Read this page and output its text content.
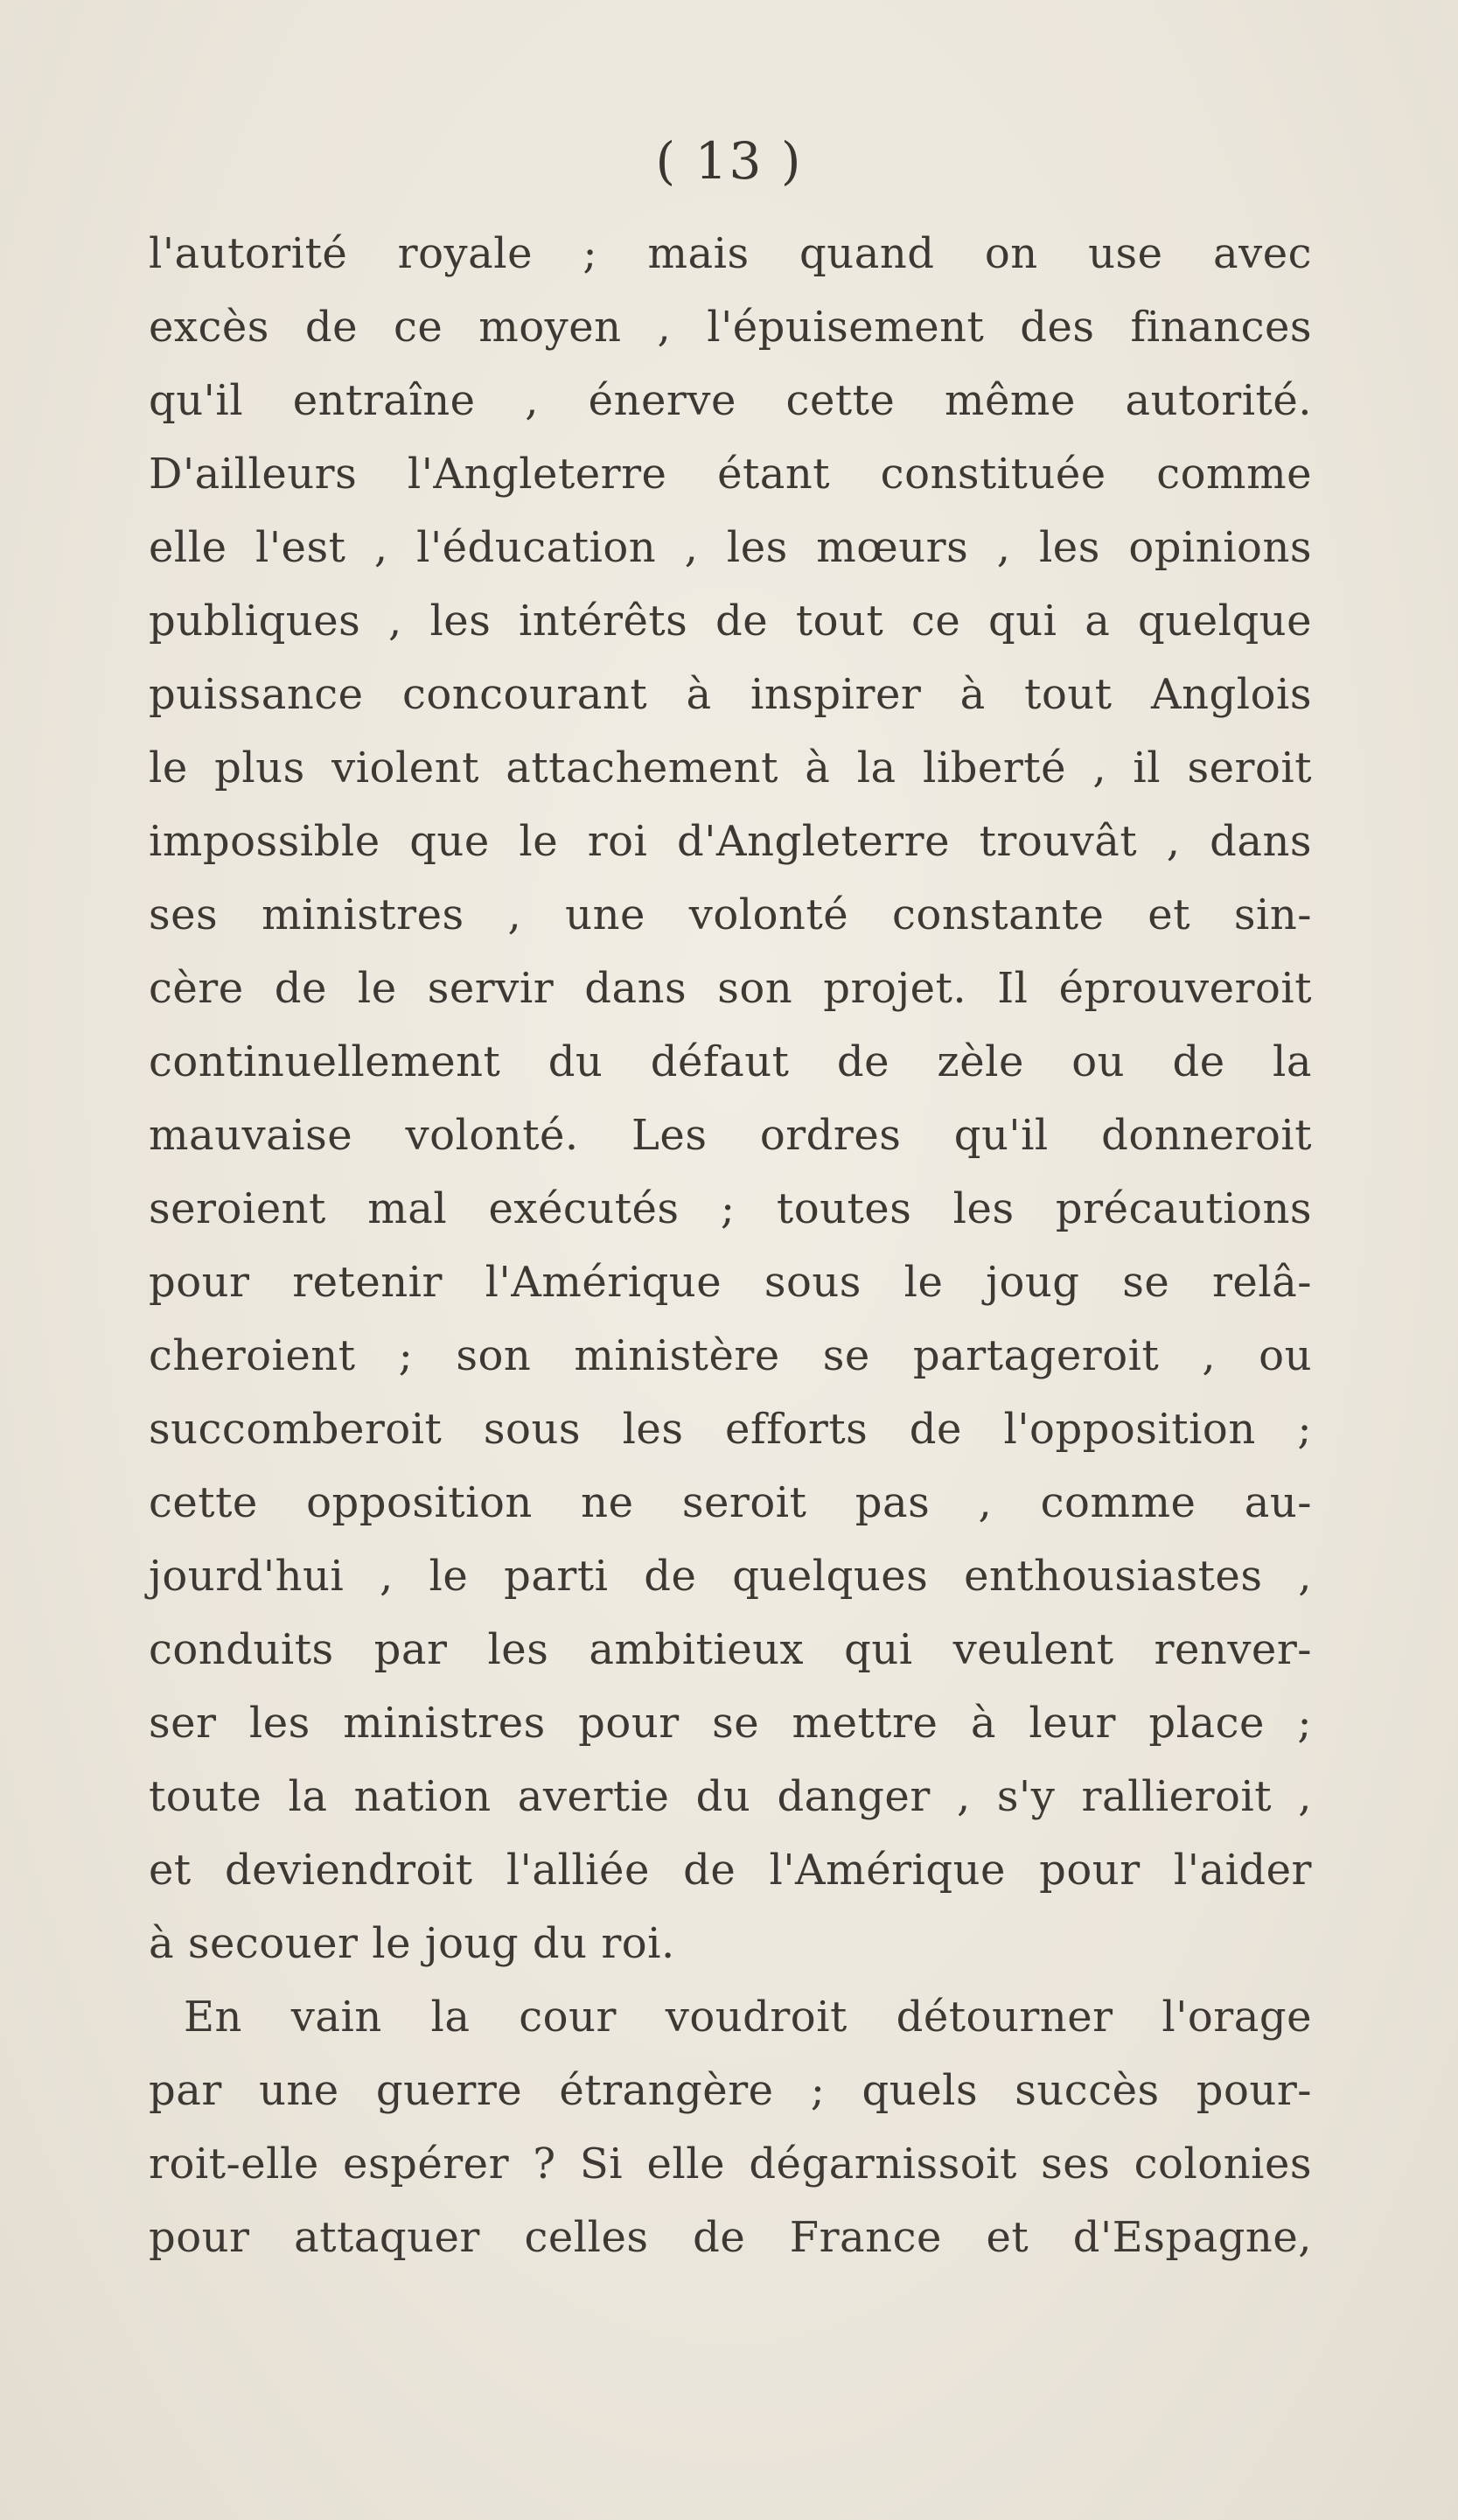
( 13 )
l'autorité royale ; mais quand on use avec
excès de ce moyen , l'épuisement des finances
qu'il entraîne , énerve cette même autorité.
D'ailleurs l'Angleterre étant constituée comme
elle l'est , l'éducation , les mœurs , les opinions
publiques , les intérêts de tout ce qui a quelque
puissance concourant à inspirer à tout Anglois
le plus violent attachement à la liberté , il seroit
impossible que le roi d'Angleterre trouvât , dans
ses ministres , une volonté constante et sin-
cère de le servir dans son projet. Il éprouveroit
continuellement du défaut de zèle ou de la
mauvaise volonté. Les ordres qu'il donneroit
seroient mal exécutés ; toutes les précautions
pour retenir l'Amérique sous le joug se relâ-
cheroient ; son ministère se partageroit , ou
succomberoit sous les efforts de l'opposition ;
cette opposition ne seroit pas , comme au-
jourd'hui , le parti de quelques enthousiastes ,
conduits par les ambitieux qui veulent renver-
ser les ministres pour se mettre à leur place ;
toute la nation avertie du danger , s'y rallieroit ,
et deviendroit l'alliée de l'Amérique pour l'aider
à secouer le joug du roi.
En vain la cour voudroit détourner l'orage
par une guerre étrangère ; quels succès pour-
roit-elle espérer ? Si elle dégarnissoit ses colonies
pour attaquer celles de France et d'Espagne,
